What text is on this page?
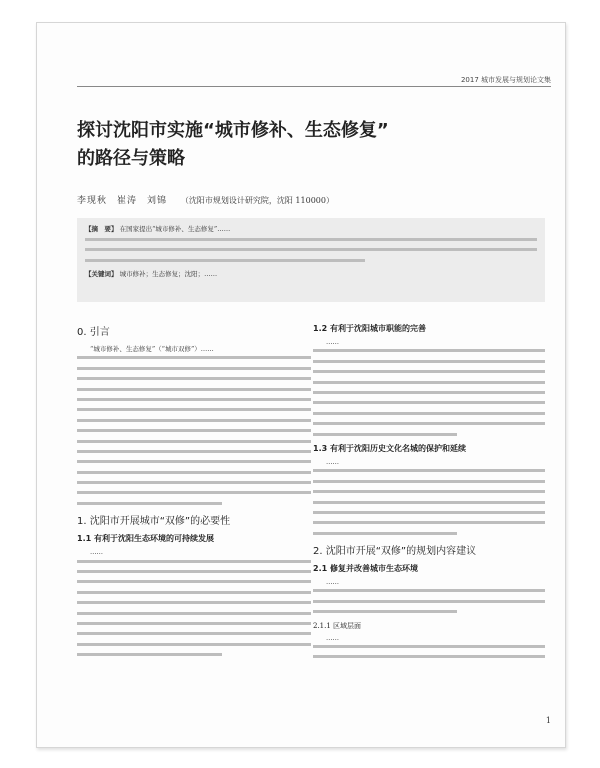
2017 城市发展与规划论文集
探讨沈阳市实施“城市修补、生态修复”
的路径与策略
李现秋　崔涛　刘锦 （沈阳市规划设计研究院，沈阳 110000）
【摘　要】 在国家提出“城市修补、生态修复”……
【关键词】 城市修补；生态修复；沈阳；……
0. 引言

“城市修补、生态修复”（“城市双修”）……

1. 沈阳市开展城市“双修”的必要性
1.1 有利于沈阳生态环境的可持续发展

……

1.2 有利于沈阳城市职能的完善

……

1.3 有利于沈阳历史文化名城的保护和延续

……

2. 沈阳市开展“双修”的规划内容建议
2.1 修复并改善城市生态环境

……

2.1.1 区域层面

……

1
